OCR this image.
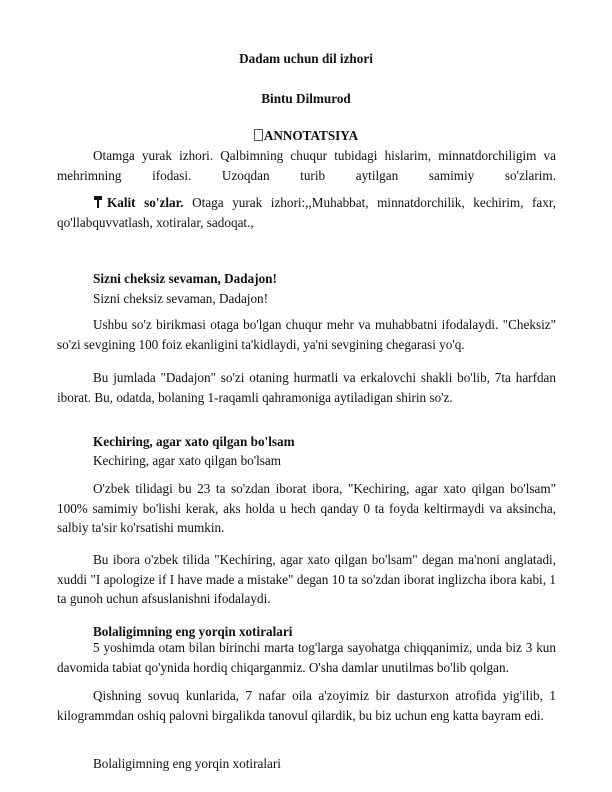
Dadam uchun dil izhori
Bintu Dilmurod
ANNOTATSIYA
Otamga yurak izhori. Qalbimning chuqur tubidagi hislarim, minnatdorchiligim va
mehrimning ifodasi. Uzoqdan turib aytilgan samimiy so'zlarim.
Kalit so'zlar. Otaga yurak izhori:,,Muhabbat, minnatdorchilik, kechirim, faxr, qo'llabquvvatlash, xotiralar, sadoqat.,
Sizni cheksiz sevaman, Dadajon!
Sizni cheksiz sevaman, Dadajon!
Ushbu so'z birikmasi otaga bo'lgan chuqur mehr va muhabbatni ifodalaydi. "Cheksiz" so'zi sevgining 100 foiz ekanligini ta'kidlaydi, ya'ni sevgining chegarasi yo'q.
Bu jumlada "Dadajon" so'zi otaning hurmatli va erkalovchi shakli bo'lib, 7ta harfdan iborat. Bu, odatda, bolaning 1-raqamli qahramoniga aytiladigan shirin so'z.
Kechiring, agar xato qilgan bo'lsam
Kechiring, agar xato qilgan bo'lsam
O'zbek tilidagi bu 23 ta so'zdan iborat ibora, "Kechiring, agar xato qilgan bo'lsam" 100% samimiy bo'lishi kerak, aks holda u hech qanday 0 ta foyda keltirmaydi va aksincha, salbiy ta'sir ko'rsatishi mumkin.
Bu ibora o'zbek tilida "Kechiring, agar xato qilgan bo'lsam" degan ma'noni anglatadi, xuddi "I apologize if I have made a mistake" degan 10 ta so'zdan iborat inglizcha ibora kabi, 1 ta gunoh uchun afsuslanishni ifodalaydi.
Bolaligimning eng yorqin xotiralari
5 yoshimda otam bilan birinchi marta tog'larga sayohatga chiqqanimiz, unda biz 3 kun davomida tabiat qo'ynida hordiq chiqarganmiz. O'sha damlar unutilmas bo'lib qolgan.
Qishning sovuq kunlarida, 7 nafar oila a'zoyimiz bir dasturxon atrofida yig'ilib, 1 kilogrammdan oshiq palovni birgalikda tanovul qilardik, bu biz uchun eng katta bayram edi.
Bolaligimning eng yorqin xotiralari
